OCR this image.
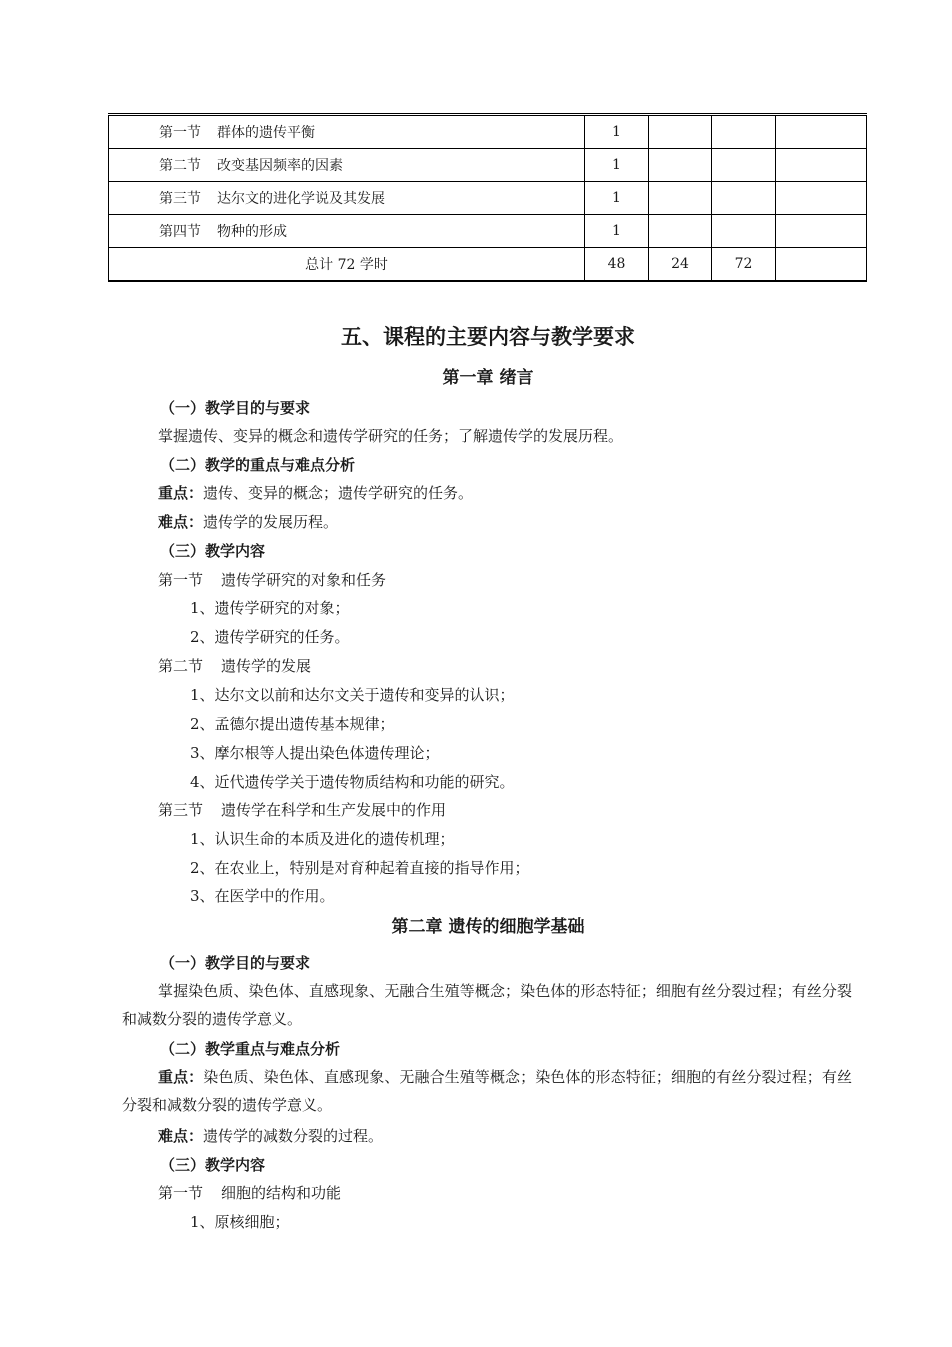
第一节 群体的遗传平衡	1			
第二节 改变基因频率的因素	1			
第三节 达尔文的进化学说及其发展	1			
第四节 物种的形成	1			
总计 72 学时	48	24	72	
五、课程的主要内容与教学要求
第一章 绪言
（一）教学目的与要求
掌握遗传、变异的概念和遗传学研究的任务；了解遗传学的发展历程。
（二）教学的重点与难点分析
重点：遗传、变异的概念；遗传学研究的任务。
难点：遗传学的发展历程。
（三）教学内容
第一节 遗传学研究的对象和任务
1、遗传学研究的对象；
2、遗传学研究的任务。
第二节 遗传学的发展
1、达尔文以前和达尔文关于遗传和变异的认识；
2、孟德尔提出遗传基本规律；
3、摩尔根等人提出染色体遗传理论；
4、近代遗传学关于遗传物质结构和功能的研究。
第三节 遗传学在科学和生产发展中的作用
1、认识生命的本质及进化的遗传机理；
2、在农业上，特别是对育种起着直接的指导作用；
3、在医学中的作用。
第二章 遗传的细胞学基础
（一）教学目的与要求
掌握染色质、染色体、直感现象、无融合生殖等概念；染色体的形态特征；细胞有丝分裂过程；有丝分裂和减数分裂的遗传学意义。
（二）教学重点与难点分析
重点：染色质、染色体、直感现象、无融合生殖等概念；染色体的形态特征；细胞的有丝分裂过程；有丝分裂和减数分裂的遗传学意义。
难点：遗传学的减数分裂的过程。
（三）教学内容
第一节 细胞的结构和功能
1、原核细胞；
